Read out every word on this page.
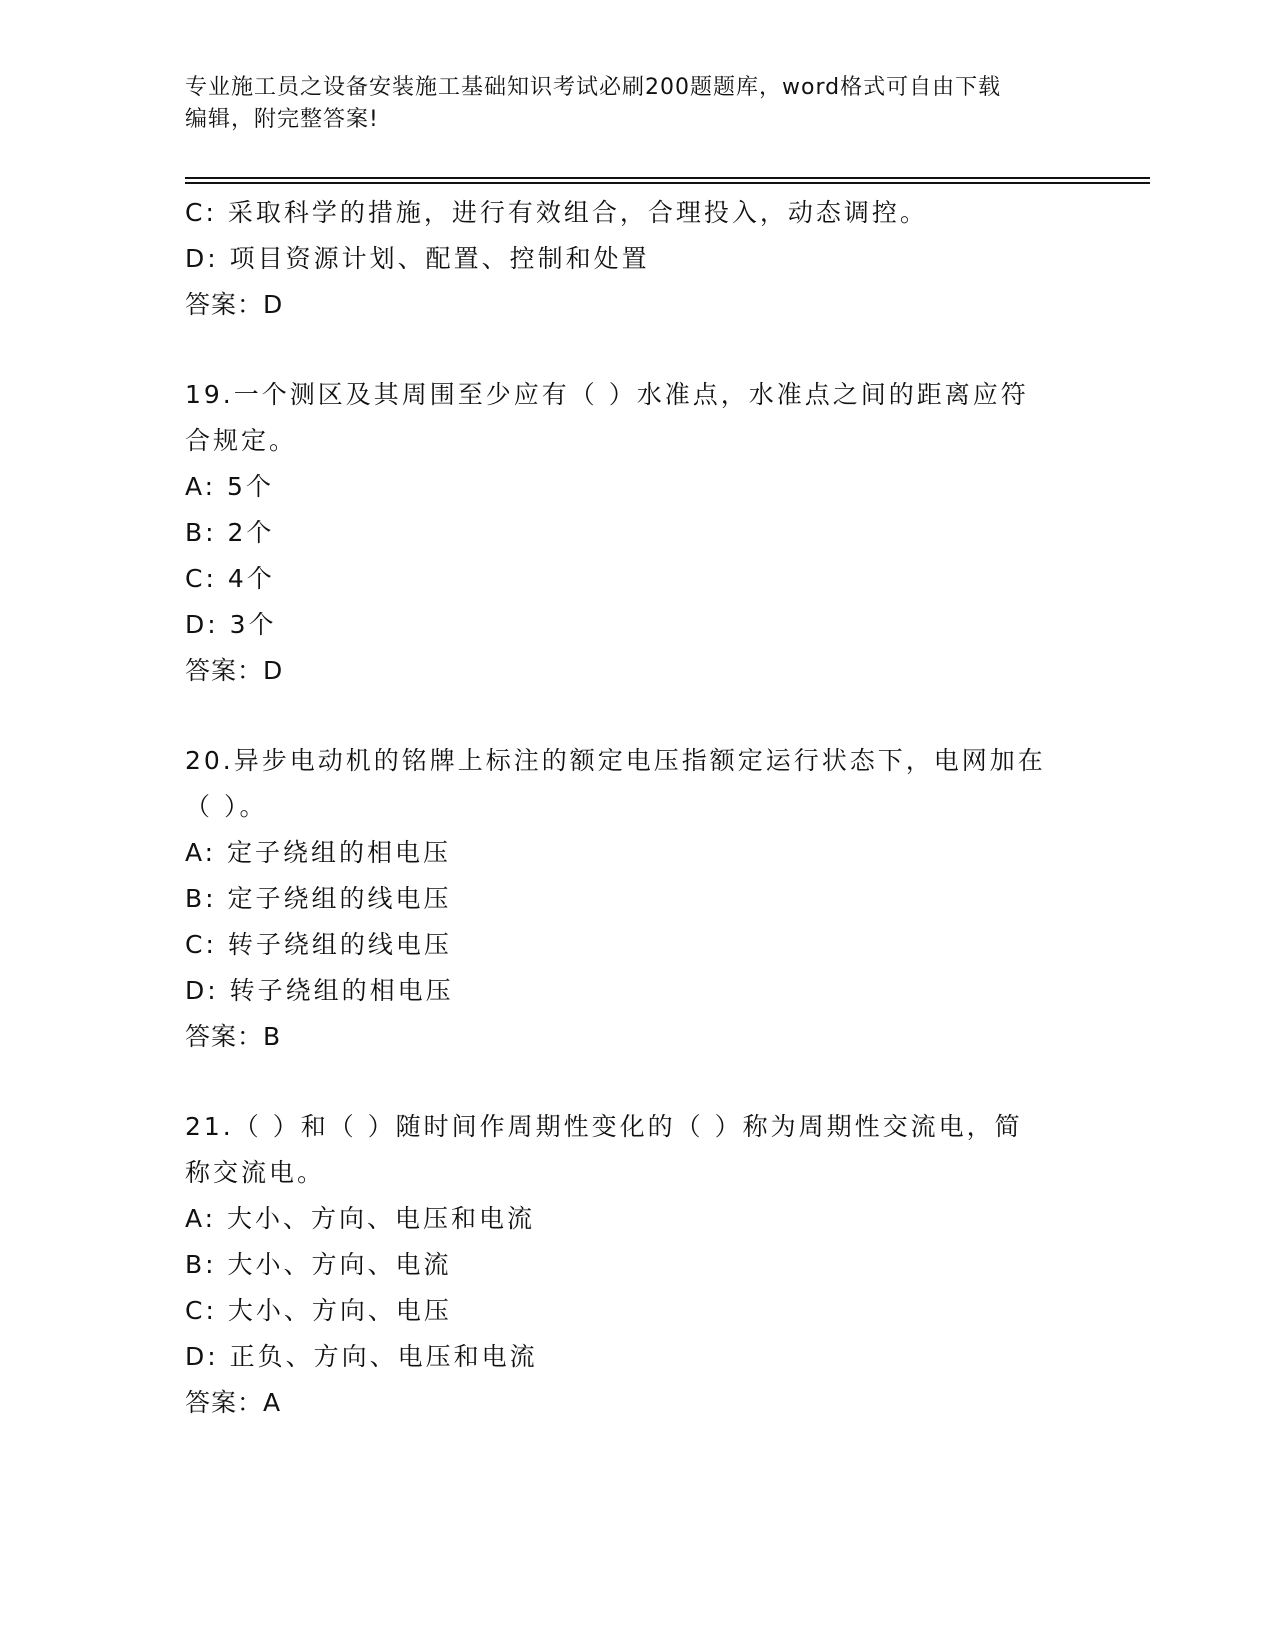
专业施工员之设备安装施工基础知识考试必刷200题题库，word格式可自由下载
编辑，附完整答案!
C: 采取科学的措施，进行有效组合，合理投入，动态调控。
D: 项目资源计划、配置、控制和处置
答案：D
19.一个测区及其周围至少应有（ ）水准点，水准点之间的距离应符
合规定。
A: 5个
B: 2个
C: 4个
D: 3个
答案：D
20.异步电动机的铭牌上标注的额定电压指额定运行状态下，电网加在
（ ）。
A: 定子绕组的相电压
B: 定子绕组的线电压
C: 转子绕组的线电压
D: 转子绕组的相电压
答案：B
21.（ ）和（ ）随时间作周期性变化的（ ）称为周期性交流电，简
称交流电。
A: 大小、方向、电压和电流
B: 大小、方向、电流
C: 大小、方向、电压
D: 正负、方向、电压和电流
答案：A
